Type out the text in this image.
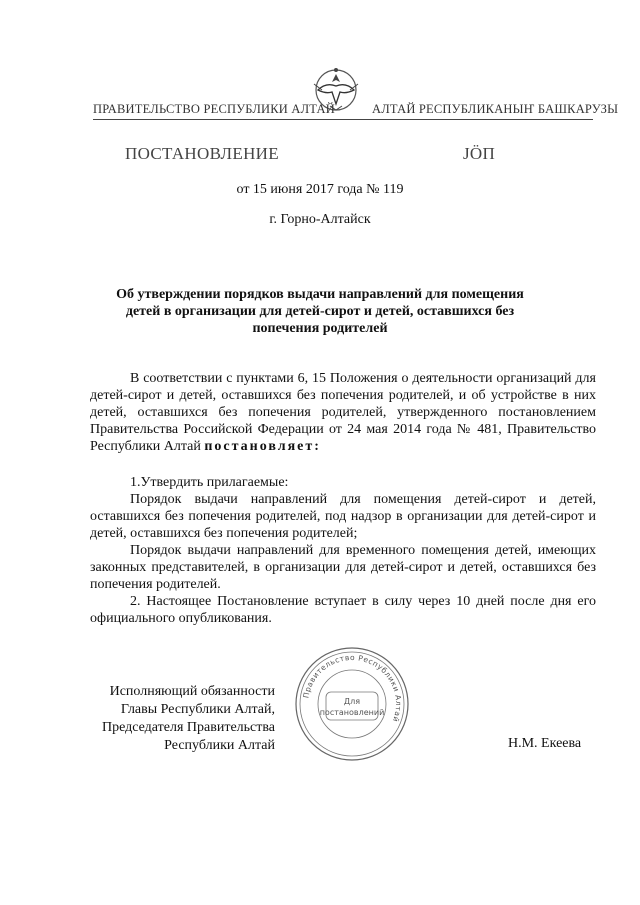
ПРАВИТЕЛЬСТВО РЕСПУБЛИКИ АЛТАЙ	АЛТАЙ РЕСПУБЛИКАНЫҤ БАШКАРУЗЫ
ПОСТАНОВЛЕНИЕ	JӦП
от 15 июня 2017 года № 119
г. Горно-Алтайск
Об утверждении порядков выдачи направлений для помещения детей в организации для детей-сирот и детей, оставшихся без попечения родителей

В соответствии с пунктами 6, 15 Положения о деятельности организаций для детей-сирот и детей, оставшихся без попечения родителей, и об устройстве в них детей, оставшихся без попечения родителей, утвержденного постановлением Правительства Российской Федерации от 24 мая 2014 года № 481, Правительство Республики Алтай постановляет:

1.Утвердить прилагаемые:

Порядок выдачи направлений для помещения детей-сирот и детей, оставшихся без попечения родителей, под надзор в организации для детей-сирот и детей, оставшихся без попечения родителей;

Порядок выдачи направлений для временного помещения детей, имеющих законных представителей, в организации для детей-сирот и детей, оставшихся без попечения родителей.

2. Настоящее Постановление вступает в силу через 10 дней после дня его официального опубликования.

Исполняющий обязанности
Главы Республики Алтай,
Председателя Правительства
Республики Алтай	Н.М. Екеева
Правительство Республики Алтай
Для
постановлений
